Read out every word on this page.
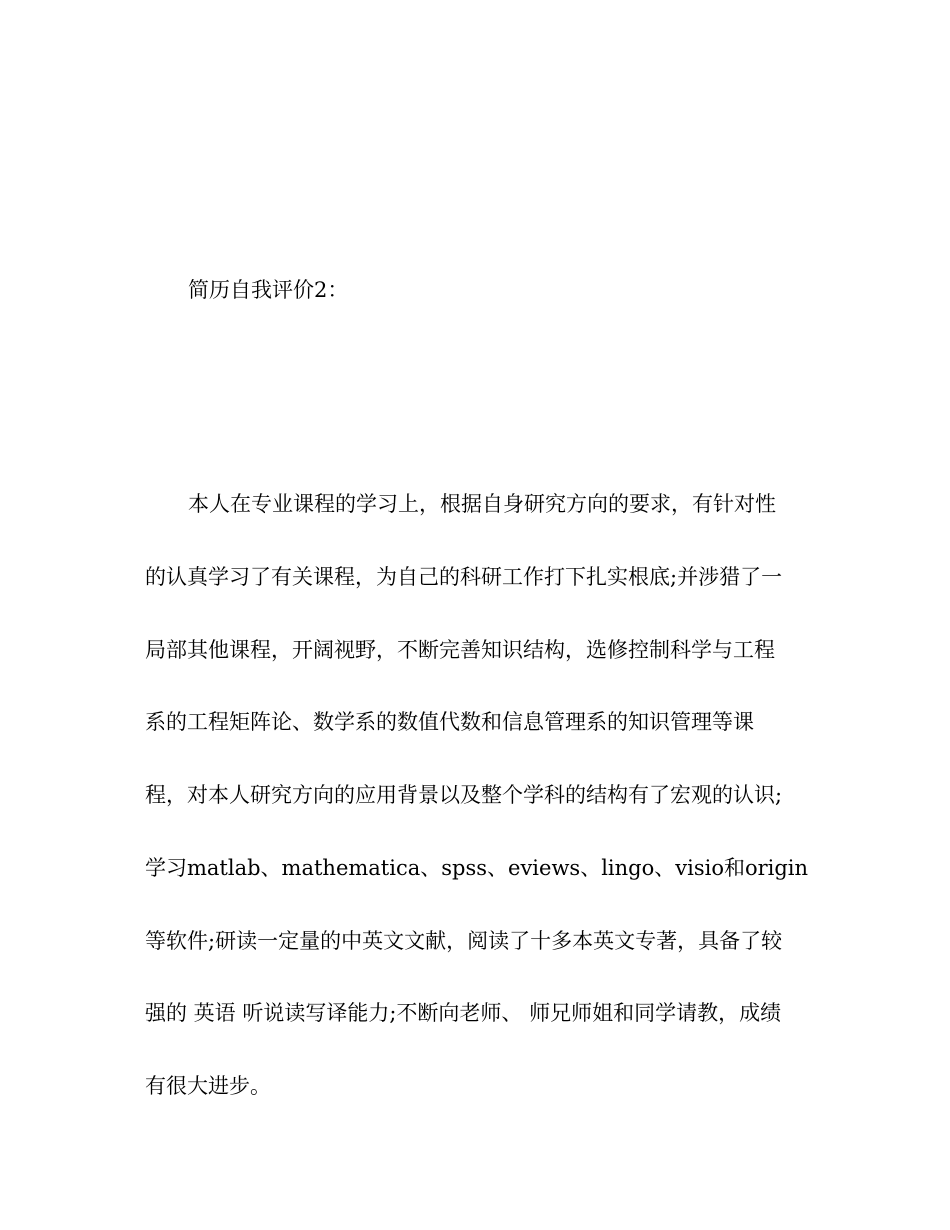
简历自我评价2：
本人在专业课程的学习上，根据自身研究方向的要求，有针对性
的认真学习了有关课程，为自己的科研工作打下扎实根底;并涉猎了一
局部其他课程，开阔视野，不断完善知识结构，选修控制科学与工程
系的工程矩阵论、数学系的数值代数和信息管理系的知识管理等课
程，对本人研究方向的应用背景以及整个学科的结构有了宏观的认识;
学习matlab、mathematica、spss、eviews、lingo、visio和origin
等软件;研读一定量的中英文文献，阅读了十多本英文专著，具备了较
强的 英语 听说读写译能力;不断向老师、 师兄师姐和同学请教，成绩
有很大进步。
